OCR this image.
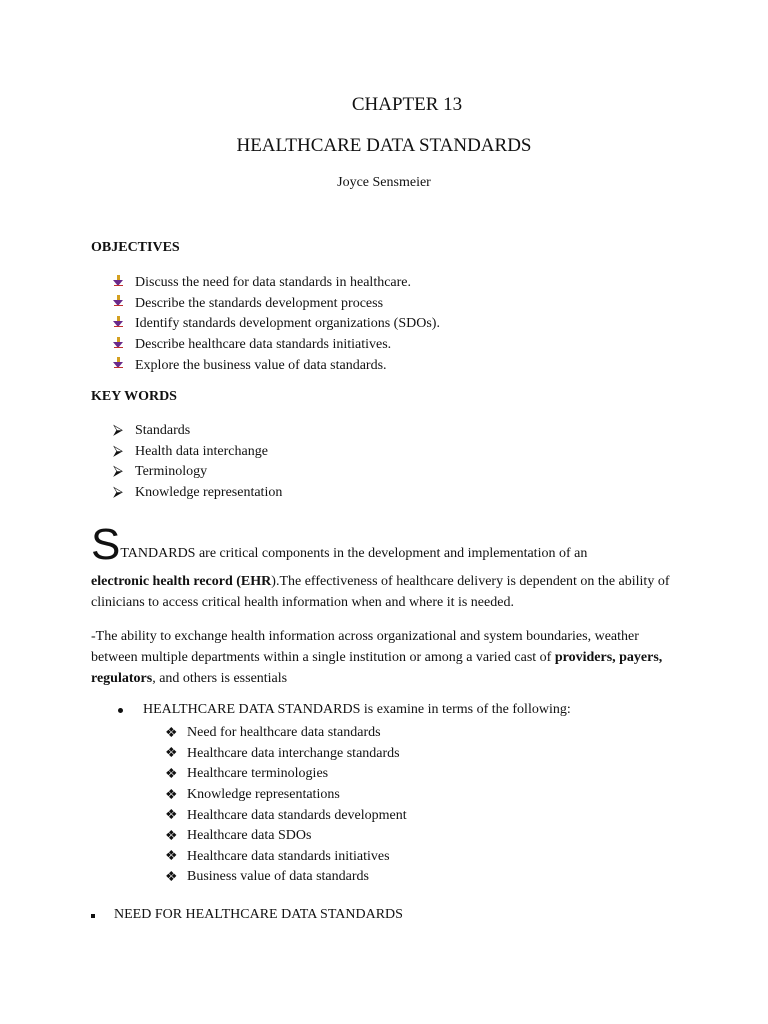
CHAPTER 13
HEALTHCARE DATA STANDARDS
Joyce Sensmeier
OBJECTIVES
Discuss the need for data standards in healthcare.
Describe the standards development process
Identify standards development organizations (SDOs).
Describe healthcare data standards initiatives.
Explore the business value of data standards.
KEY WORDS
⮚ Standards
⮚ Health data interchange
⮚ Terminology
⮚ Knowledge representation
STANDARDS are critical components in the development and implementation of an
electronic health record (EHR).The effectiveness of healthcare delivery is dependent on the ability of clinicians to access critical health information when and where it is needed.
-The ability to exchange health information across organizational and system boundaries, weather between multiple departments within a single institution or among a varied cast of providers, payers, regulators, and others is essentials
HEALTHCARE DATA STANDARDS is examine in terms of the following:
❖ Need for healthcare data standards
❖ Healthcare data interchange standards
❖ Healthcare terminologies
❖ Knowledge representations
❖ Healthcare data standards development
❖ Healthcare data SDOs
❖ Healthcare data standards initiatives
❖ Business value of data standards
NEED FOR HEALTHCARE DATA STANDARDS
